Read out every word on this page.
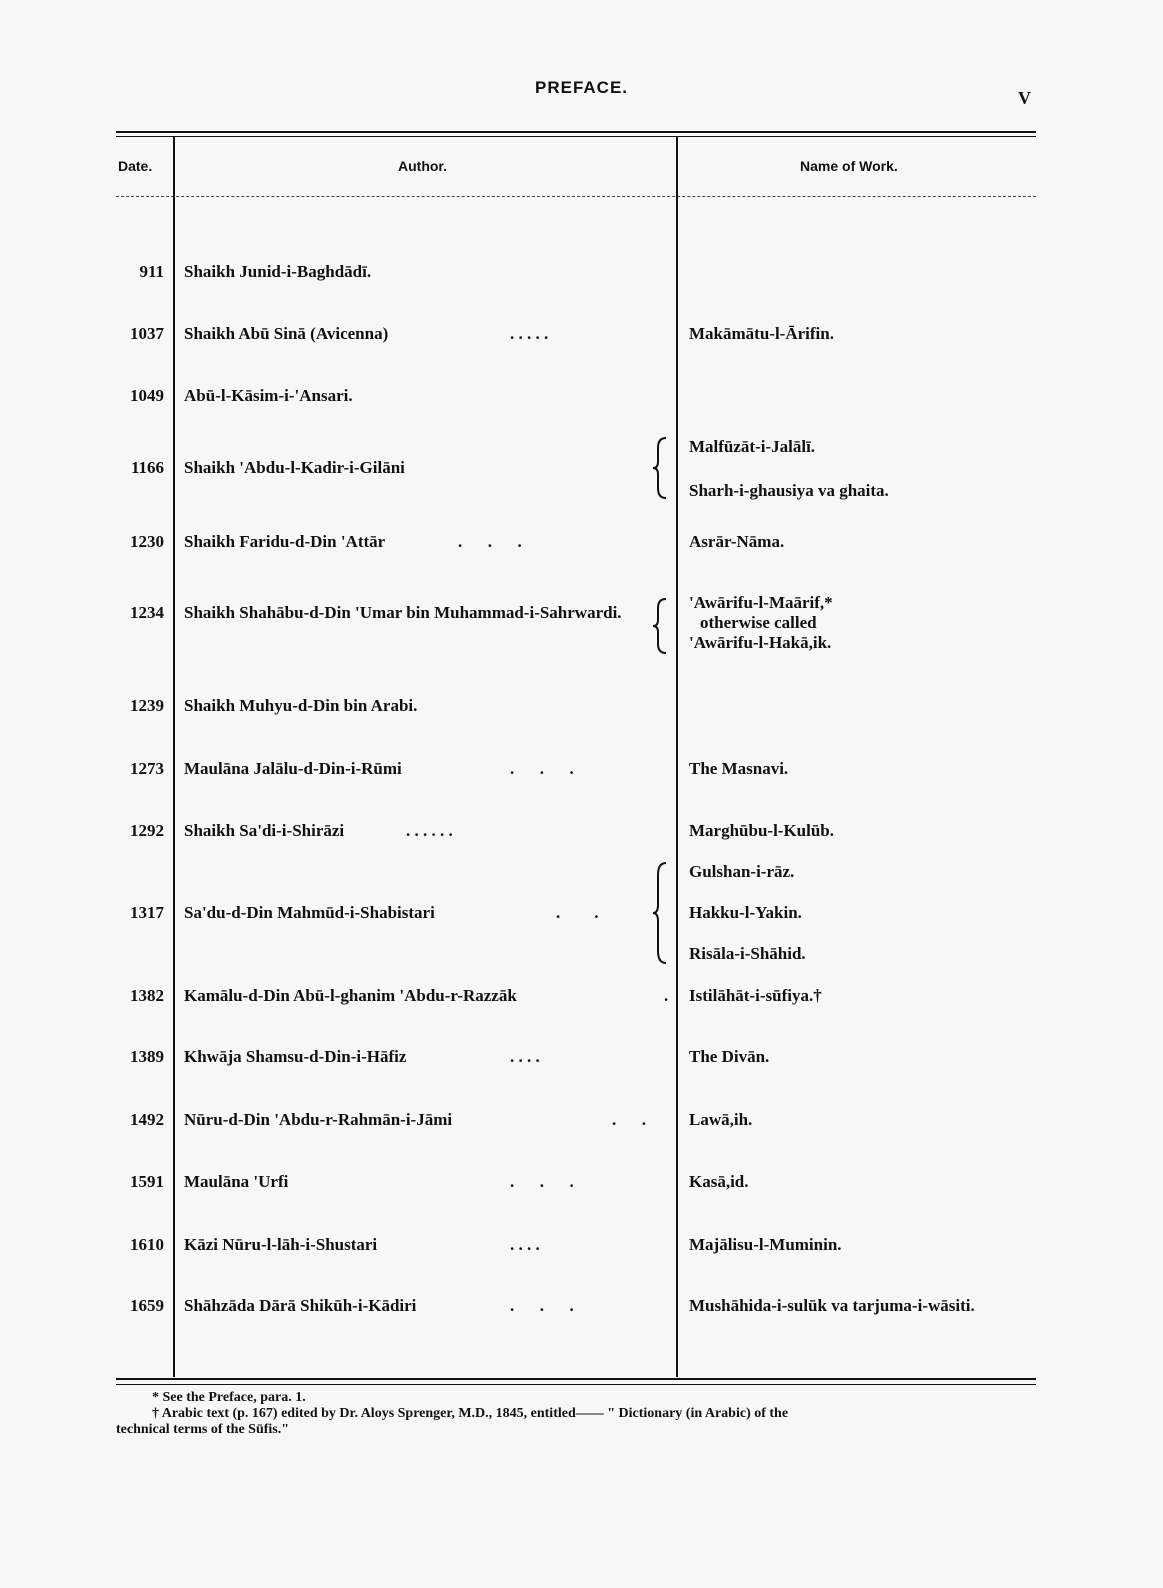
PREFACE.
V
Date.	Author.	Name of Work.
911 Shaikh Junid-i-Baghdādī.
1037 Shaikh Abū Sinā (Avicenna)	. . . . .	Makāmātu-l-Ārifin.
1049 Abū-l-Kāsim-i-'Ansari.
1166 Shaikh 'Abdu-l-Kadir-i-Gilāni
Malfūzāt-i-Jalālī.
Sharh-i-ghausiya va ghaita.
1230 Shaikh Faridu-d-Din 'Attār	.      .      .	Asrār-Nāma.
1234 Shaikh Shahābu-d-Din 'Umar bin Muhammad-i-Sahrwardi.
'Awārifu-l-Maārif,*
otherwise called
'Awārifu-l-Hakā,ik.
1239 Shaikh Muhyu-d-Din bin Arabi.
1273 Maulāna Jalālu-d-Din-i-Rūmi	.      .      .	The Masnavi.
1292 Shaikh Sa'di-i-Shirāzi	. . . . . .	Marghūbu-l-Kulūb.
1317 Sa'du-d-Din Mahmūd-i-Shabistari	.        .
Gulshan-i-rāz.
Hakku-l-Yakin.
Risāla-i-Shāhid.
1382 Kamālu-d-Din Abū-l-ghanim 'Abdu-r-Razzāk	. Istilāhāt-i-sūfiya.†
1389 Khwāja Shamsu-d-Din-i-Hāfiz	. . . .	The Divān.
1492 Nūru-d-Din 'Abdu-r-Rahmān-i-Jāmi	.      .	Lawā,ih.
1591 Maulāna 'Urfi	.      .      .	Kasā,id.
1610 Kāzi Nūru-l-lāh-i-Shustari	. . . .	Majālisu-l-Muminin.
1659 Shāhzāda Dārā Shikūh-i-Kādiri	.      .      .	Mushāhida-i-sulūk va tarjuma-i-wāsiti.
* See the Preface, para. 1.
† Arabic text (p. 167) edited by Dr. Aloys Sprenger, M.D., 1845, entitled—— " Dictionary (in Arabic) of the
technical terms of the Sūfis."
